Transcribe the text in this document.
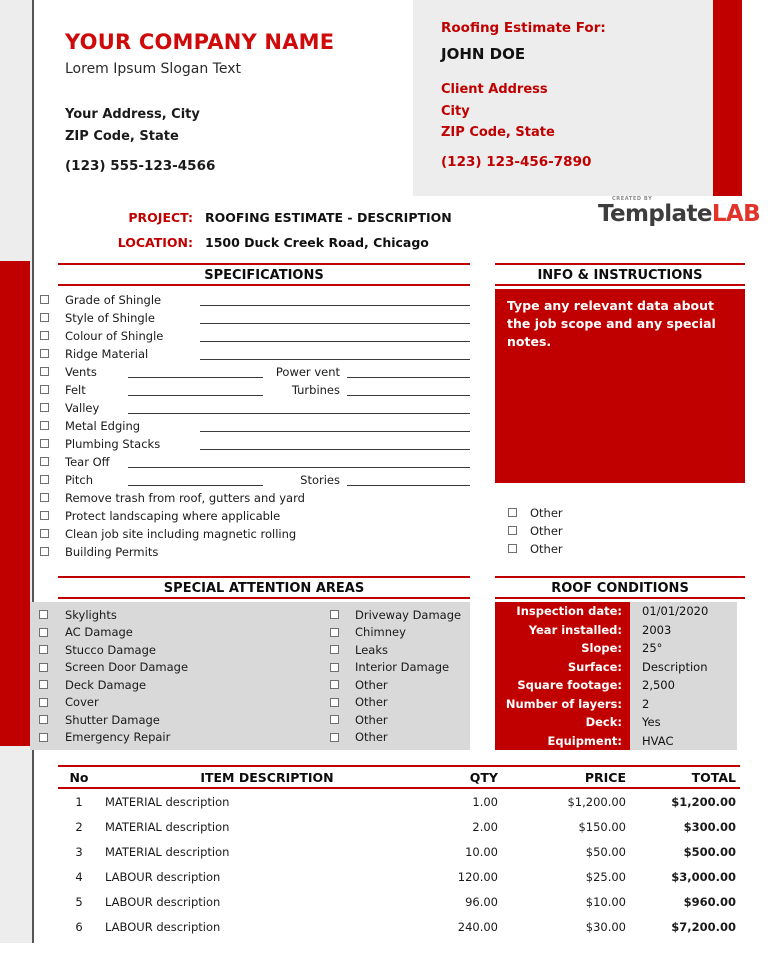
YOUR COMPANY NAME
Lorem Ipsum Slogan Text
Your Address, City
ZIP Code, State
(123) 555-123-4566
Roofing Estimate For:
JOHN DOE
Client Address
City
ZIP Code, State
(123) 123-456-7890
PROJECT: ROOFING ESTIMATE - DESCRIPTION
LOCATION: 1500 Duck Creek Road, Chicago
CREATED BY
TemplateLAB
SPECIFICATIONS
Grade of Shingle
Style of Shingle
Colour of Shingle
Ridge Material
Vents	Power vent
Felt	Turbines
Valley
Metal Edging
Plumbing Stacks
Tear Off
Pitch	Stories
Remove trash from roof, gutters and yard
Protect landscaping where applicable
Clean job site including magnetic rolling
Building Permits
INFO & INSTRUCTIONS
Type any relevant data about the job scope and any special notes.
Other
Other
Other
SPECIAL ATTENTION AREAS
Skylights	Driveway Damage
AC Damage	Chimney
Stucco Damage	Leaks
Screen Door Damage	Interior Damage
Deck Damage	Other
Cover	Other
Shutter Damage	Other
Emergency Repair	Other
ROOF CONDITIONS
Inspection date:	01/01/2020
Year installed:	2003
Slope:	25°
Surface:	Description
Square footage:	2,500
Number of layers:	2
Deck:	Yes
Equipment:	HVAC
No	ITEM DESCRIPTION	QTY	PRICE	TOTAL
1	MATERIAL description	1.00	$1,200.00	$1,200.00
2	MATERIAL description	2.00	$150.00	$300.00
3	MATERIAL description	10.00	$50.00	$500.00
4	LABOUR description	120.00	$25.00	$3,000.00
5	LABOUR description	96.00	$10.00	$960.00
6	LABOUR description	240.00	$30.00	$7,200.00
